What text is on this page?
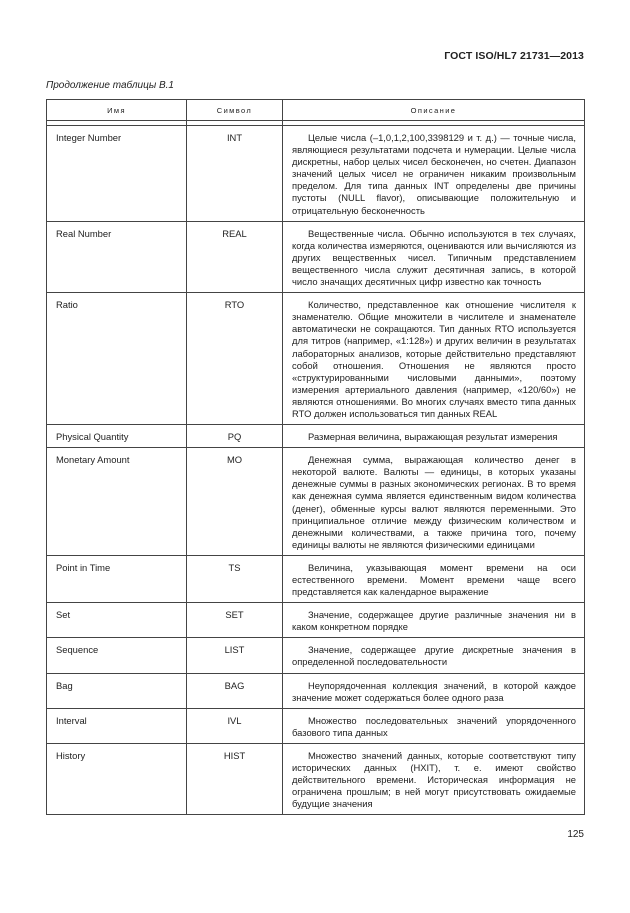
ГОСТ ISO/HL7 21731—2013
Продолжение таблицы В.1
Имя	Символ	Описание

Integer Number	INT	Целые числа (–1,0,1,2,100,3398129 и т. д.) — точные числа, являющиеся результатами подсчета и нумерации. Целые числа дискретны, набор целых чисел бесконечен, но счетен. Диапазон значений целых чисел не ограничен никаким произвольным пределом. Для типа данных INT определены две причины пустоты (NULL flavor), описывающие положительную и отрицательную бесконечность

Real Number	REAL	Вещественные числа. Обычно используются в тех случаях, когда количества измеряются, оцениваются или вычисляются из других вещественных чисел. Типичным представлением вещественного числа служит десятичная запись, в которой число значащих десятичных цифр известно как точность

Ratio	RTO	Количество, представленное как отношение числителя к знаменателю. Общие множители в числителе и знаменателе автоматически не сокращаются. Тип данных RTO используется для титров (например, «1:128») и других величин в результатах лабораторных анализов, которые действительно представляют собой отношения. Отношения не являются просто «структурированными числовыми данными», поэтому измерения артериального давления (например, «120/60») не являются отношениями. Во многих случаях вместо типа данных RTO должен использоваться тип данных REAL

Physical Quantity	PQ	Размерная величина, выражающая результат измерения

Monetary Amount	MO	Денежная сумма, выражающая количество денег в некоторой валюте. Валюты — единицы, в которых указаны денежные суммы в разных экономических регионах. В то время как денежная сумма является единственным видом количества (денег), обменные курсы валют являются переменными. Это принципиальное отличие между физическим количеством и денежными количествами, а также причина того, почему единицы валюты не являются физическими единицами

Point in Time	TS	Величина, указывающая момент времени на оси естественного времени. Момент времени чаще всего представляется как календарное выражение

Set	SET	Значение, содержащее другие различные значения ни в каком конкретном порядке

Sequence	LIST	Значение, содержащее другие дискретные значения в определенной последовательности

Bag	BAG	Неупорядоченная коллекция значений, в которой каждое значение может содержаться более одного раза

Interval	IVL	Множество последовательных значений упорядоченного базового типа данных

History	HIST	Множество значений данных, которые соответствуют типу исторических данных (HXIT), т. е. имеют свойство действительного времени. Историческая информация не ограничена прошлым; в ней могут присутствовать ожидаемые будущие значения
125
